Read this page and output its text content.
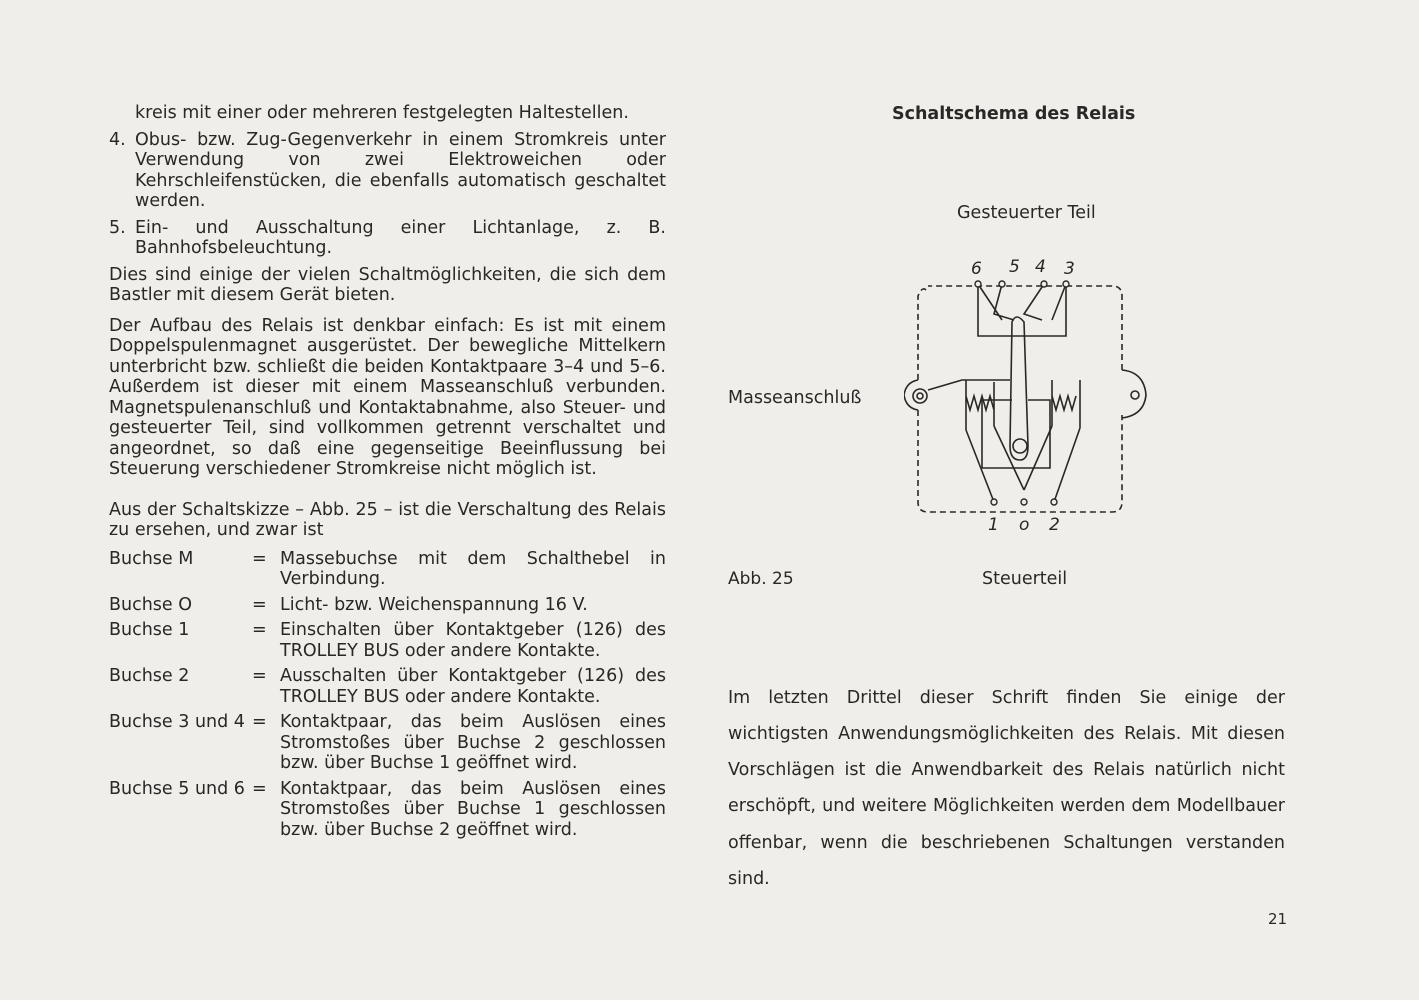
kreis mit einer oder mehreren festgelegten Haltestellen.

4. Obus- bzw. Zug-Gegenverkehr in einem Stromkreis unter Verwendung von zwei Elektroweichen oder Kehrschleifenstücken, die ebenfalls automatisch geschaltet werden.
5. Ein- und Ausschaltung einer Lichtanlage, z. B. Bahnhofsbeleuchtung.

Dies sind einige der vielen Schaltmöglichkeiten, die sich dem Bastler mit diesem Gerät bieten.

Der Aufbau des Relais ist denkbar einfach: Es ist mit einem Doppelspulenmagnet ausgerüstet. Der bewegliche Mittelkern unterbricht bzw. schließt die beiden Kontaktpaare 3–4 und 5–6. Außerdem ist dieser mit einem Masseanschluß verbunden. Magnetspulenanschluß und Kontaktabnahme, also Steuer- und gesteuerter Teil, sind vollkommen getrennt verschaltet und angeordnet, so daß eine gegenseitige Beeinflussung bei Steuerung verschiedener Stromkreise nicht möglich ist.

Aus der Schaltskizze – Abb. 25 – ist die Verschaltung des Relais zu ersehen, und zwar ist

Buchse M	= Massebuchse mit dem Schalthebel in Verbindung.
Buchse O	= Licht- bzw. Weichenspannung 16 V.
Buchse 1	= Einschalten über Kontaktgeber (126) des TROLLEY BUS oder andere Kontakte.
Buchse 2	= Ausschalten über Kontaktgeber (126) des TROLLEY BUS oder andere Kontakte.
Buchse 3 und 4 = Kontaktpaar, das beim Auslösen eines Stromstoßes über Buchse 2 geschlossen bzw. über Buchse 1 geöffnet wird.
Buchse 5 und 6 = Kontaktpaar, das beim Auslösen eines Stromstoßes über Buchse 1 geschlossen bzw. über Buchse 2 geöffnet wird.
Schaltschema des Relais
Gesteuerter Teil
Masseanschluß
6 5 4 3
1 o 2
Abb. 25	Steuerteil

Im letzten Drittel dieser Schrift finden Sie einige der wichtigsten Anwendungsmöglichkeiten des Relais. Mit diesen Vorschlägen ist die Anwendbarkeit des Relais natürlich nicht erschöpft, und weitere Möglichkeiten werden dem Modellbauer offenbar, wenn die beschriebenen Schaltungen verstanden sind.

21
